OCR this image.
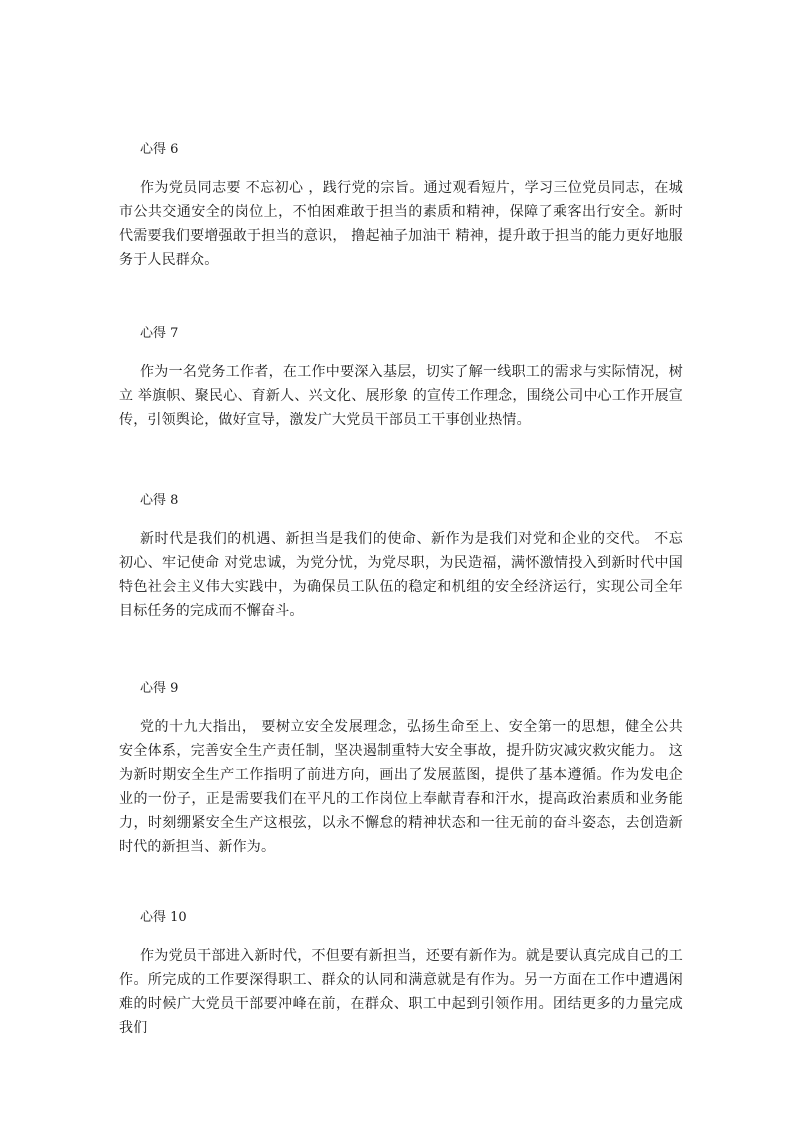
心得 6

作为党员同志要 不忘初心 ，践行党的宗旨。通过观看短片，学习三位党员同志，在城市公共交通安全的岗位上，不怕困难敢于担当的素质和精神，保障了乘客出行安全。新时代需要我们要增强敢于担当的意识， 撸起袖子加油干 精神，提升敢于担当的能力更好地服务于人民群众。

心得 7

作为一名党务工作者，在工作中要深入基层，切实了解一线职工的需求与实际情况，树立 举旗帜、聚民心、育新人、兴文化、展形象 的宣传工作理念，围绕公司中心工作开展宣传，引领舆论，做好宣导，激发广大党员干部员工干事创业热情。

心得 8

新时代是我们的机遇、新担当是我们的使命、新作为是我们对党和企业的交代。 不忘初心、牢记使命 对党忠诚，为党分忧，为党尽职，为民造福，满怀激情投入到新时代中国特色社会主义伟大实践中，为确保员工队伍的稳定和机组的安全经济运行，实现公司全年目标任务的完成而不懈奋斗。

心得 9

党的十九大指出， 要树立安全发展理念，弘扬生命至上、安全第一的思想，健全公共安全体系，完善安全生产责任制，坚决遏制重特大安全事故，提升防灾减灾救灾能力。 这为新时期安全生产工作指明了前进方向，画出了发展蓝图，提供了基本遵循。作为发电企业的一份子，正是需要我们在平凡的工作岗位上奉献青春和汗水，提高政治素质和业务能力，时刻绷紧安全生产这根弦，以永不懈怠的精神状态和一往无前的奋斗姿态，去创造新时代的新担当、新作为。

心得 10

作为党员干部进入新时代，不但要有新担当，还要有新作为。就是要认真完成自己的工作。所完成的工作要深得职工、群众的认同和满意就是有作为。另一方面在工作中遭遇闲难的时候广大党员干部要冲峰在前，在群众、职工中起到引领作用。团结更多的力量完成我们
